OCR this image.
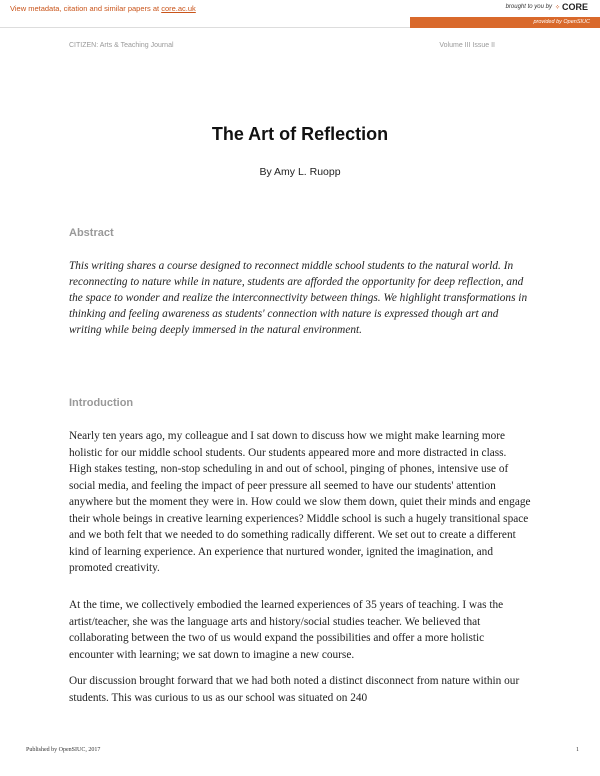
View metadata, citation and similar papers at core.ac.uk	brought to you by ⁘ CORE
provided by OpenSIUC
CITIZEN: Arts & Teaching Journal	Volume III Issue II
The Art of Reflection
By Amy L. Ruopp
Abstract

This writing shares a course designed to reconnect middle school students to the natural world. In reconnecting to nature while in nature, students are afforded the opportunity for deep reflection, and the space to wonder and realize the interconnectivity between things. We highlight transformations in thinking and feeling awareness as students' connection with nature is expressed though art and writing while being deeply immersed in the natural environment.

Introduction

Nearly ten years ago, my colleague and I sat down to discuss how we might make learning more holistic for our middle school students. Our students appeared more and more distracted in class. High stakes testing, non-stop scheduling in and out of school, pinging of phones, intensive use of social media, and feeling the impact of peer pressure all seemed to have our students' attention anywhere but the moment they were in. How could we slow them down, quiet their minds and engage their whole beings in creative learning experiences? Middle school is such a hugely transitional space and we both felt that we needed to do something radically different. We set out to create a different kind of learning experience. An experience that nurtured wonder, ignited the imagination, and promoted creativity.

At the time, we collectively embodied the learned experiences of 35 years of teaching. I was the artist/teacher, she was the language arts and history/social studies teacher. We believed that collaborating between the two of us would expand the possibilities and offer a more holistic encounter with learning; we sat down to imagine a new course.

Our discussion brought forward that we had both noted a distinct disconnect from nature within our students. This was curious to us as our school was situated on 240

Published by OpenSIUC, 2017	1
